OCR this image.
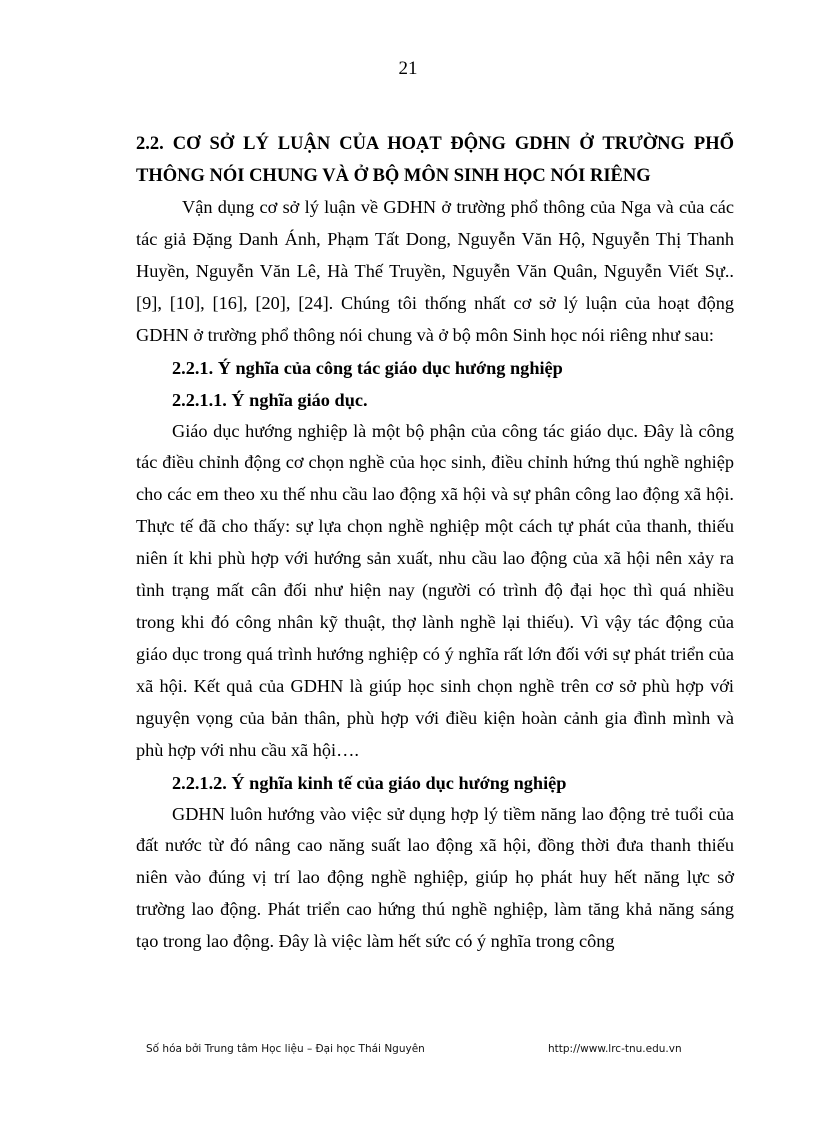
21

2.2. CƠ SỞ LÝ LUẬN CỦA HOẠT ĐỘNG GDHN Ở TRƯỜNG PHỔ THÔNG NÓI CHUNG VÀ Ở BỘ MÔN SINH HỌC NÓI RIÊNG

Vận dụng cơ sở lý luận về GDHN ở trường phổ thông của Nga và của các tác giả Đặng Danh Ánh, Phạm Tất Dong, Nguyễn Văn Hộ, Nguyễn Thị Thanh Huyền, Nguyễn Văn Lê, Hà Thế Truyền, Nguyễn Văn Quân, Nguyễn Viết Sự.. [9], [10], [16], [20], [24]. Chúng tôi thống nhất cơ sở lý luận của hoạt động GDHN ở trường phổ thông nói chung và ở bộ môn Sinh học nói riêng như sau:

2.2.1. Ý nghĩa của công tác giáo dục hướng nghiệp

2.2.1.1. Ý nghĩa giáo dục.

Giáo dục hướng nghiệp là một bộ phận của công tác giáo dục. Đây là công tác điều chỉnh động cơ chọn nghề của học sinh, điều chỉnh hứng thú nghề nghiệp cho các em theo xu thế nhu cầu lao động xã hội và sự phân công lao động xã hội. Thực tế đã cho thấy: sự lựa chọn nghề nghiệp một cách tự phát của thanh, thiếu niên ít khi phù hợp với hướng sản xuất, nhu cầu lao động của xã hội nên xảy ra tình trạng mất cân đối như hiện nay (người có trình độ đại học thì quá nhiều trong khi đó công nhân kỹ thuật, thợ lành nghề lại thiếu). Vì vậy tác động của giáo dục trong quá trình hướng nghiệp có ý nghĩa rất lớn đối với sự phát triển của xã hội. Kết quả của GDHN là giúp học sinh chọn nghề trên cơ sở phù hợp với nguyện vọng của bản thân, phù hợp với điều kiện hoàn cảnh gia đình mình và phù hợp với nhu cầu xã hội….

2.2.1.2. Ý nghĩa kinh tế của giáo dục hướng nghiệp

GDHN luôn hướng vào việc sử dụng hợp lý tiềm năng lao động trẻ tuổi của đất nước từ đó nâng cao năng suất lao động xã hội, đồng thời đưa thanh thiếu niên vào đúng vị trí lao động nghề nghiệp, giúp họ phát huy hết năng lực sở trường lao động. Phát triển cao hứng thú nghề nghiệp, làm tăng khả năng sáng tạo trong lao động. Đây là việc làm hết sức có ý nghĩa trong công

Số hóa bởi Trung tâm Học liệu – Đại học Thái Nguyên	http://www.lrc-tnu.edu.vn
